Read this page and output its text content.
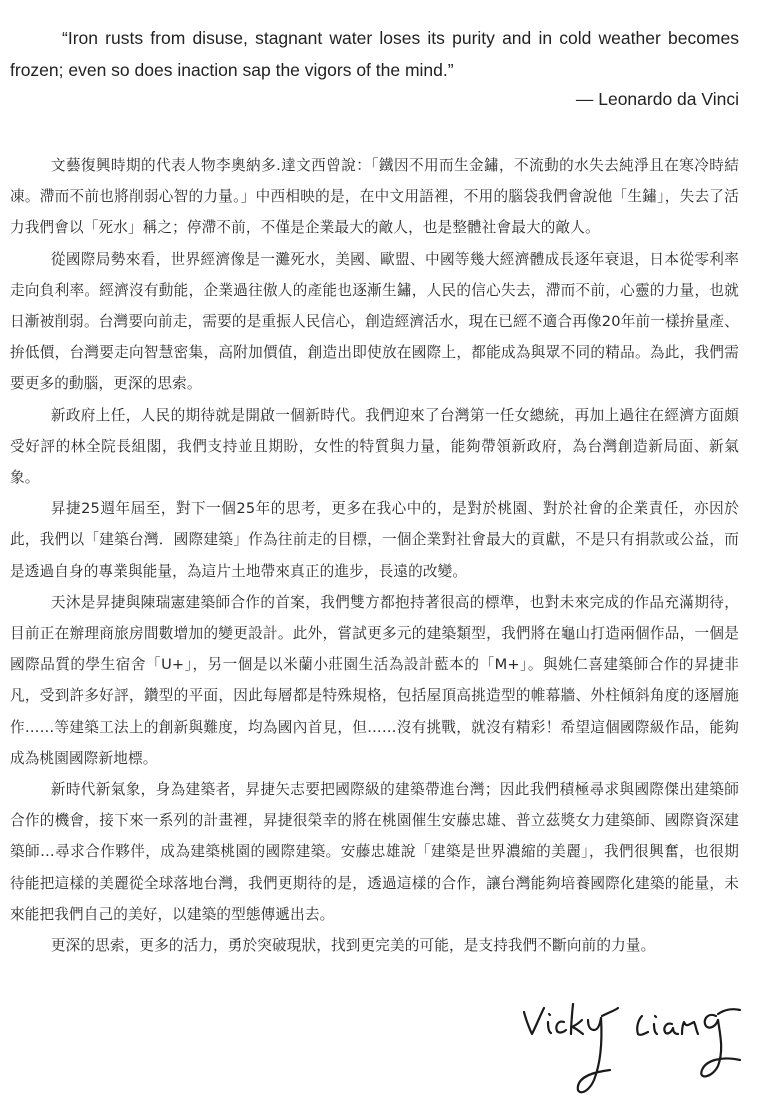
“Iron rusts from disuse, stagnant water loses its purity and in cold weather becomes frozen; even so does inaction sap the vigors of the mind.”

— Leonardo da Vinci

文藝復興時期的代表人物李奧納多.達文西曾說：「鐵因不用而生金鏽，不流動的水失去純淨且在寒冷時結凍。滯而不前也將削弱心智的力量。」中西相映的是，在中文用語裡，不用的腦袋我們會說他「生鏽」，失去了活力我們會以「死水」稱之；停滯不前，不僅是企業最大的敵人，也是整體社會最大的敵人。

從國際局勢來看，世界經濟像是一灘死水，美國、歐盟、中國等幾大經濟體成長逐年衰退，日本從零利率走向負利率。經濟沒有動能，企業過往傲人的產能也逐漸生鏽，人民的信心失去，滯而不前，心靈的力量，也就日漸被削弱。台灣要向前走，需要的是重振人民信心，創造經濟活水，現在已經不適合再像20年前一樣拚量產、拚低價，台灣要走向智慧密集，高附加價值，創造出即使放在國際上，都能成為與眾不同的精品。為此，我們需要更多的動腦，更深的思索。

新政府上任，人民的期待就是開啟一個新時代。我們迎來了台灣第一任女總統，再加上過往在經濟方面頗受好評的林全院長組閣，我們支持並且期盼，女性的特質與力量，能夠帶領新政府，為台灣創造新局面、新氣象。

昇捷25週年屆至，對下一個25年的思考，更多在我心中的，是對於桃園、對於社會的企業責任，亦因於此，我們以「建築台灣．國際建築」作為往前走的目標，一個企業對社會最大的貢獻，不是只有捐款或公益，而是透過自身的專業與能量，為這片土地帶來真正的進步，長遠的改變。

天沐是昇捷與陳瑞憲建築師合作的首案，我們雙方都抱持著很高的標準，也對未來完成的作品充滿期待，目前正在辦理商旅房間數增加的變更設計。此外，嘗試更多元的建築類型，我們將在龜山打造兩個作品，一個是國際品質的學生宿舍「U+」，另一個是以米蘭小莊園生活為設計藍本的「M+」。與姚仁喜建築師合作的昇捷非凡，受到許多好評，鑽型的平面，因此每層都是特殊規格，包括屋頂高挑造型的帷幕牆、外柱傾斜角度的逐層施作……等建築工法上的創新與難度，均為國內首見，但……沒有挑戰，就沒有精彩！希望這個國際級作品，能夠成為桃園國際新地標。

新時代新氣象，身為建築者，昇捷矢志要把國際級的建築帶進台灣；因此我們積極尋求與國際傑出建築師合作的機會，接下來一系列的計畫裡，昇捷很榮幸的將在桃園催生安藤忠雄、普立茲獎女力建築師、國際資深建築師…尋求合作夥伴，成為建築桃園的國際建築。安藤忠雄說「建築是世界濃縮的美麗」，我們很興奮，也很期待能把這樣的美麗從全球落地台灣，我們更期待的是，透過這樣的合作，讓台灣能夠培養國際化建築的能量，未來能把我們自己的美好，以建築的型態傳遞出去。

更深的思索，更多的活力，勇於突破現狀，找到更完美的可能，是支持我們不斷向前的力量。
